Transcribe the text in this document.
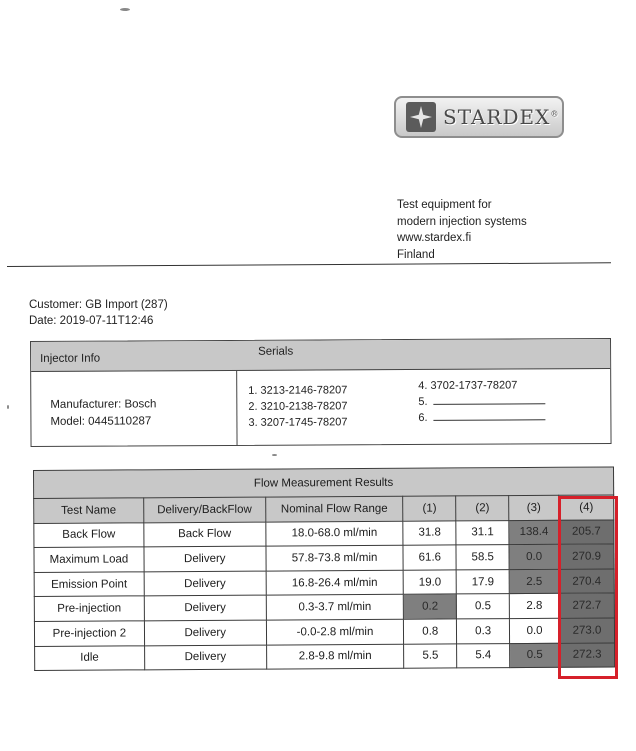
STARDEX®
Test equipment for
modern injection systems
www.stardex.fi
Finland
Customer: GB Import (287)
Date: 2019-07-11T12:46
Injector Info
Serials
Manufacturer: Bosch
Model: 0445110287
1. 3213-2146-78207
2. 3210-2138-78207
3. 3207-1745-78207
4. 3702-1737-78207
5.
6.
Flow Measurement Results						
Test Name	Delivery/BackFlow	Nominal Flow Range	(1)	(2)	(3)	(4)
Back Flow	Back Flow	18.0-68.0 ml/min	31.8	31.1	138.4	205.7
Maximum Load	Delivery	57.8-73.8 ml/min	61.6	58.5	0.0	270.9
Emission Point	Delivery	16.8-26.4 ml/min	19.0	17.9	2.5	270.4
Pre-injection	Delivery	0.3-3.7 ml/min	0.2	0.5	2.8	272.7
Pre-injection 2	Delivery	-0.0-2.8 ml/min	0.8	0.3	0.0	273.0
Idle	Delivery	2.8-9.8 ml/min	5.5	5.4	0.5	272.3
